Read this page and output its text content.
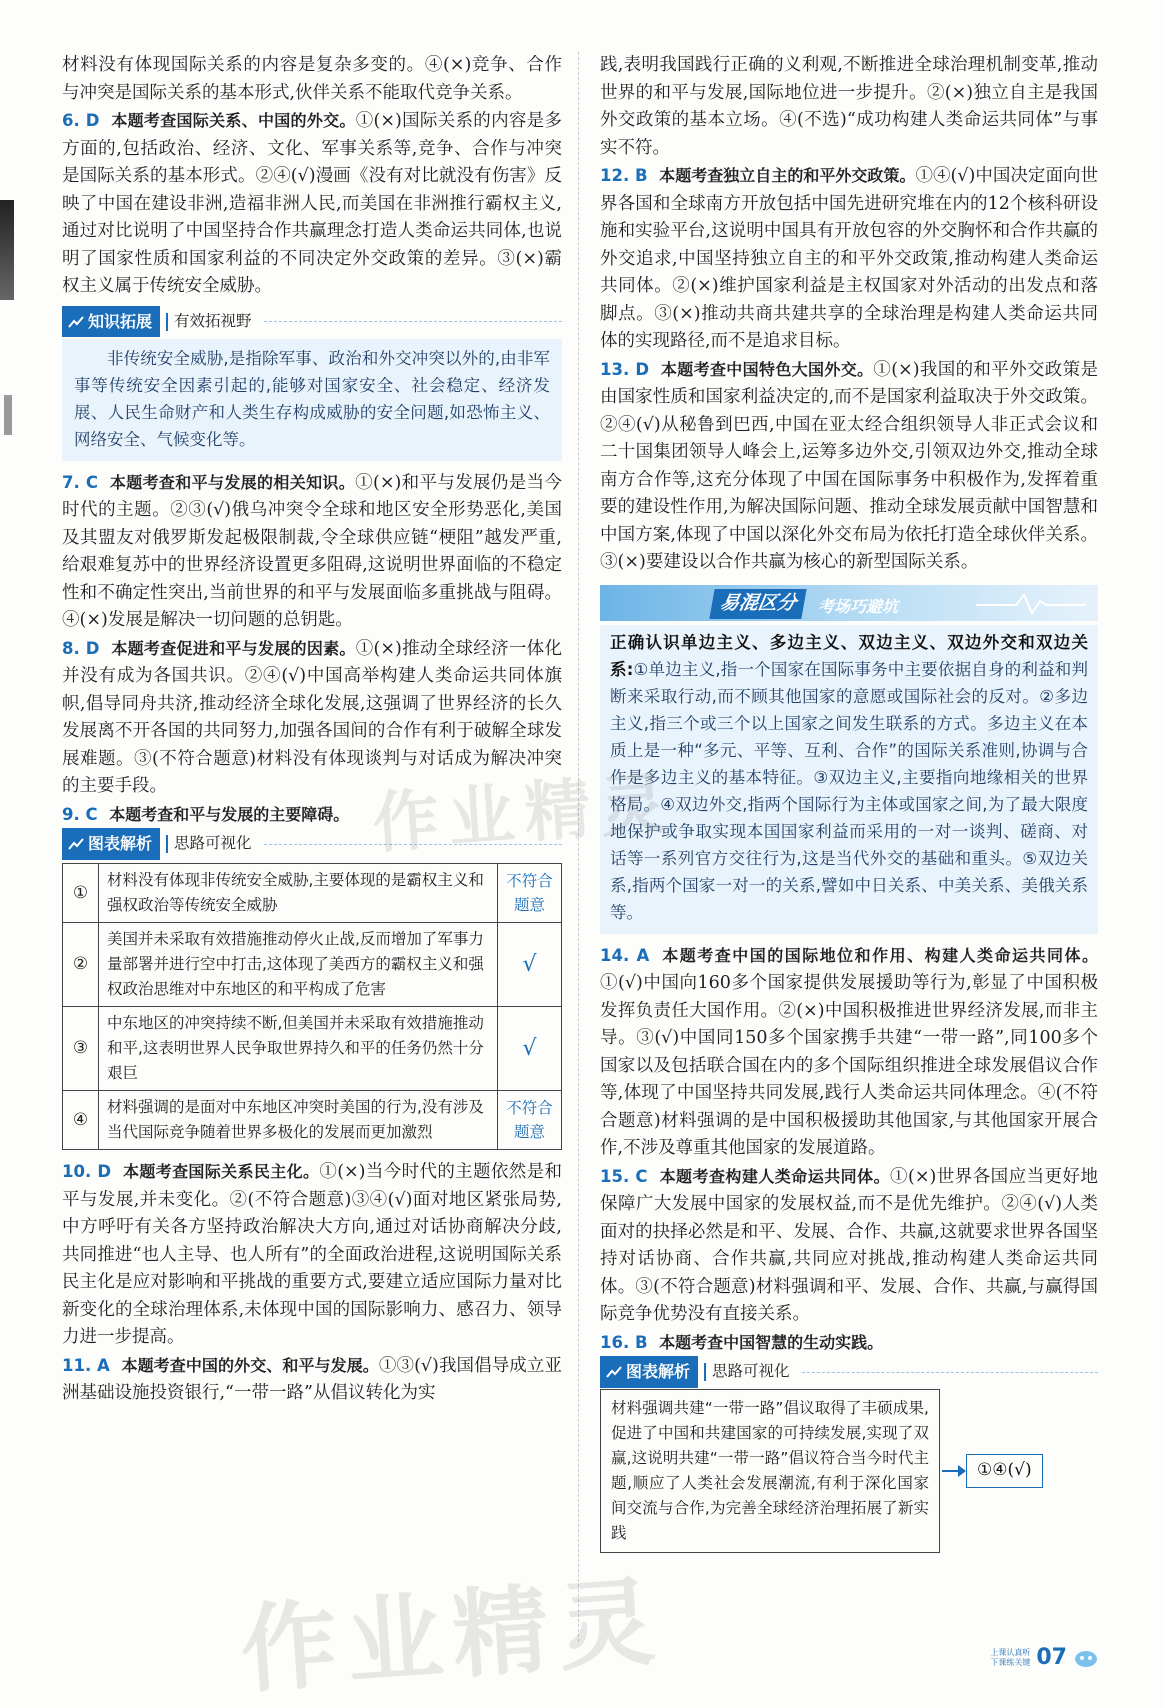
材料没有体现国际关系的内容是复杂多变的。④(×)竞争、合作与冲突是国际关系的基本形式,伙伴关系不能取代竞争关系。

6. D 本题考查国际关系、中国的外交。①(×)国际关系的内容是多方面的,包括政治、经济、文化、军事关系等,竞争、合作与冲突是国际关系的基本形式。②④(√)漫画《没有对比就没有伤害》反映了中国在建设非洲,造福非洲人民,而美国在非洲推行霸权主义,通过对比说明了中国坚持合作共赢理念打造人类命运共同体,也说明了国家性质和国家利益的不同决定外交政策的差异。③(×)霸权主义属于传统安全威胁。

知识拓展 有效拓视野

非传统安全威胁,是指除军事、政治和外交冲突以外的,由非军事等传统安全因素引起的,能够对国家安全、社会稳定、经济发展、人民生命财产和人类生存构成威胁的安全问题,如恐怖主义、网络安全、气候变化等。

7. C 本题考查和平与发展的相关知识。①(×)和平与发展仍是当今时代的主题。②③(√)俄乌冲突令全球和地区安全形势恶化,美国及其盟友对俄罗斯发起极限制裁,令全球供应链“梗阻”越发严重,给艰难复苏中的世界经济设置更多阻碍,这说明世界面临的不稳定性和不确定性突出,当前世界的和平与发展面临多重挑战与阻碍。④(×)发展是解决一切问题的总钥匙。

8. D 本题考查促进和平与发展的因素。①(×)推动全球经济一体化并没有成为各国共识。②④(√)中国高举构建人类命运共同体旗帜,倡导同舟共济,推动经济全球化发展,这强调了世界经济的长久发展离不开各国的共同努力,加强各国间的合作有利于破解全球发展难题。③(不符合题意)材料没有体现谈判与对话成为解决冲突的主要手段。

9. C 本题考查和平与发展的主要障碍。

图表解析 思路可视化
①	材料没有体现非传统安全威胁,主要体现的是霸权主义和强权政治等传统安全威胁	不符合题意
②	美国并未采取有效措施推动停火止战,反而增加了军事力量部署并进行空中打击,这体现了美西方的霸权主义和强权政治思维对中东地区的和平构成了危害	√
③	中东地区的冲突持续不断,但美国并未采取有效措施推动和平,这表明世界人民争取世界持久和平的任务仍然十分艰巨	√
④	材料强调的是面对中东地区冲突时美国的行为,没有涉及当代国际竞争随着世界多极化的发展而更加激烈	不符合题意

10. D 本题考查国际关系民主化。①(×)当今时代的主题依然是和平与发展,并未变化。②(不符合题意)③④(√)面对地区紧张局势,中方呼吁有关各方坚持政治解决大方向,通过对话协商解决分歧,共同推进“也人主导、也人所有”的全面政治进程,这说明国际关系民主化是应对影响和平挑战的重要方式,要建立适应国际力量对比新变化的全球治理体系,未体现中国的国际影响力、感召力、领导力进一步提高。

11. A 本题考查中国的外交、和平与发展。①③(√)我国倡导成立亚洲基础设施投资银行,“一带一路”从倡议转化为实

践,表明我国践行正确的义利观,不断推进全球治理机制变革,推动世界的和平与发展,国际地位进一步提升。②(×)独立自主是我国外交政策的基本立场。④(不选)“成功构建人类命运共同体”与事实不符。

12. B 本题考查独立自主的和平外交政策。①④(√)中国决定面向世界各国和全球南方开放包括中国先进研究堆在内的12个核科研设施和实验平台,这说明中国具有开放包容的外交胸怀和合作共赢的外交追求,中国坚持独立自主的和平外交政策,推动构建人类命运共同体。②(×)维护国家利益是主权国家对外活动的出发点和落脚点。③(×)推动共商共建共享的全球治理是构建人类命运共同体的实现路径,而不是追求目标。

13. D 本题考查中国特色大国外交。①(×)我国的和平外交政策是由国家性质和国家利益决定的,而不是国家利益取决于外交政策。②④(√)从秘鲁到巴西,中国在亚太经合组织领导人非正式会议和二十国集团领导人峰会上,运筹多边外交,引领双边外交,推动全球南方合作等,这充分体现了中国在国际事务中积极作为,发挥着重要的建设性作用,为解决国际问题、推动全球发展贡献中国智慧和中国方案,体现了中国以深化外交布局为依托打造全球伙伴关系。③(×)要建设以合作共赢为核心的新型国际关系。

易混区分	考场巧避坑
正确认识单边主义、多边主义、双边主义、双边外交和双边关系:①单边主义,指一个国家在国际事务中主要依据自身的利益和判断来采取行动,而不顾其他国家的意愿或国际社会的反对。②多边主义,指三个或三个以上国家之间发生联系的方式。多边主义在本质上是一种“多元、平等、互利、合作”的国际关系准则,协调与合作是多边主义的基本特征。③双边主义,主要指向地缘相关的世界格局。④双边外交,指两个国际行为主体或国家之间,为了最大限度地保护或争取实现本国国家利益而采用的一对一谈判、磋商、对话等一系列官方交往行为,这是当代外交的基础和重头。⑤双边关系,指两个国家一对一的关系,譬如中日关系、中美关系、美俄关系等。

14. A 本题考查中国的国际地位和作用、构建人类命运共同体。①(√)中国向160多个国家提供发展援助等行为,彰显了中国积极发挥负责任大国作用。②(×)中国积极推进世界经济发展,而非主导。③(√)中国同150多个国家携手共建“一带一路”,同100多个国家以及包括联合国在内的多个国际组织推进全球发展倡议合作等,体现了中国坚持共同发展,践行人类命运共同体理念。④(不符合题意)材料强调的是中国积极援助其他国家,与其他国家开展合作,不涉及尊重其他国家的发展道路。

15. C 本题考查构建人类命运共同体。①(×)世界各国应当更好地保障广大发展中国家的发展权益,而不是优先维护。②④(√)人类面对的抉择必然是和平、发展、合作、共赢,这就要求世界各国坚持对话协商、合作共赢,共同应对挑战,推动构建人类命运共同体。③(不符合题意)材料强调和平、发展、合作、共赢,与赢得国际竞争优势没有直接关系。

16. B 本题考查中国智慧的生动实践。

图表解析 思路可视化
材料强调共建“一带一路”倡议取得了丰硕成果,促进了中国和共建国家的可持续发展,实现了双赢,这说明共建“一带一路”倡议符合当今时代主题,顺应了人类社会发展潮流,有利于深化国家间交流与合作,为完善全球经济治理拓展了新实践
①④(√)
上课认真听
下课练关键 07
作业精灵
作业精灵
